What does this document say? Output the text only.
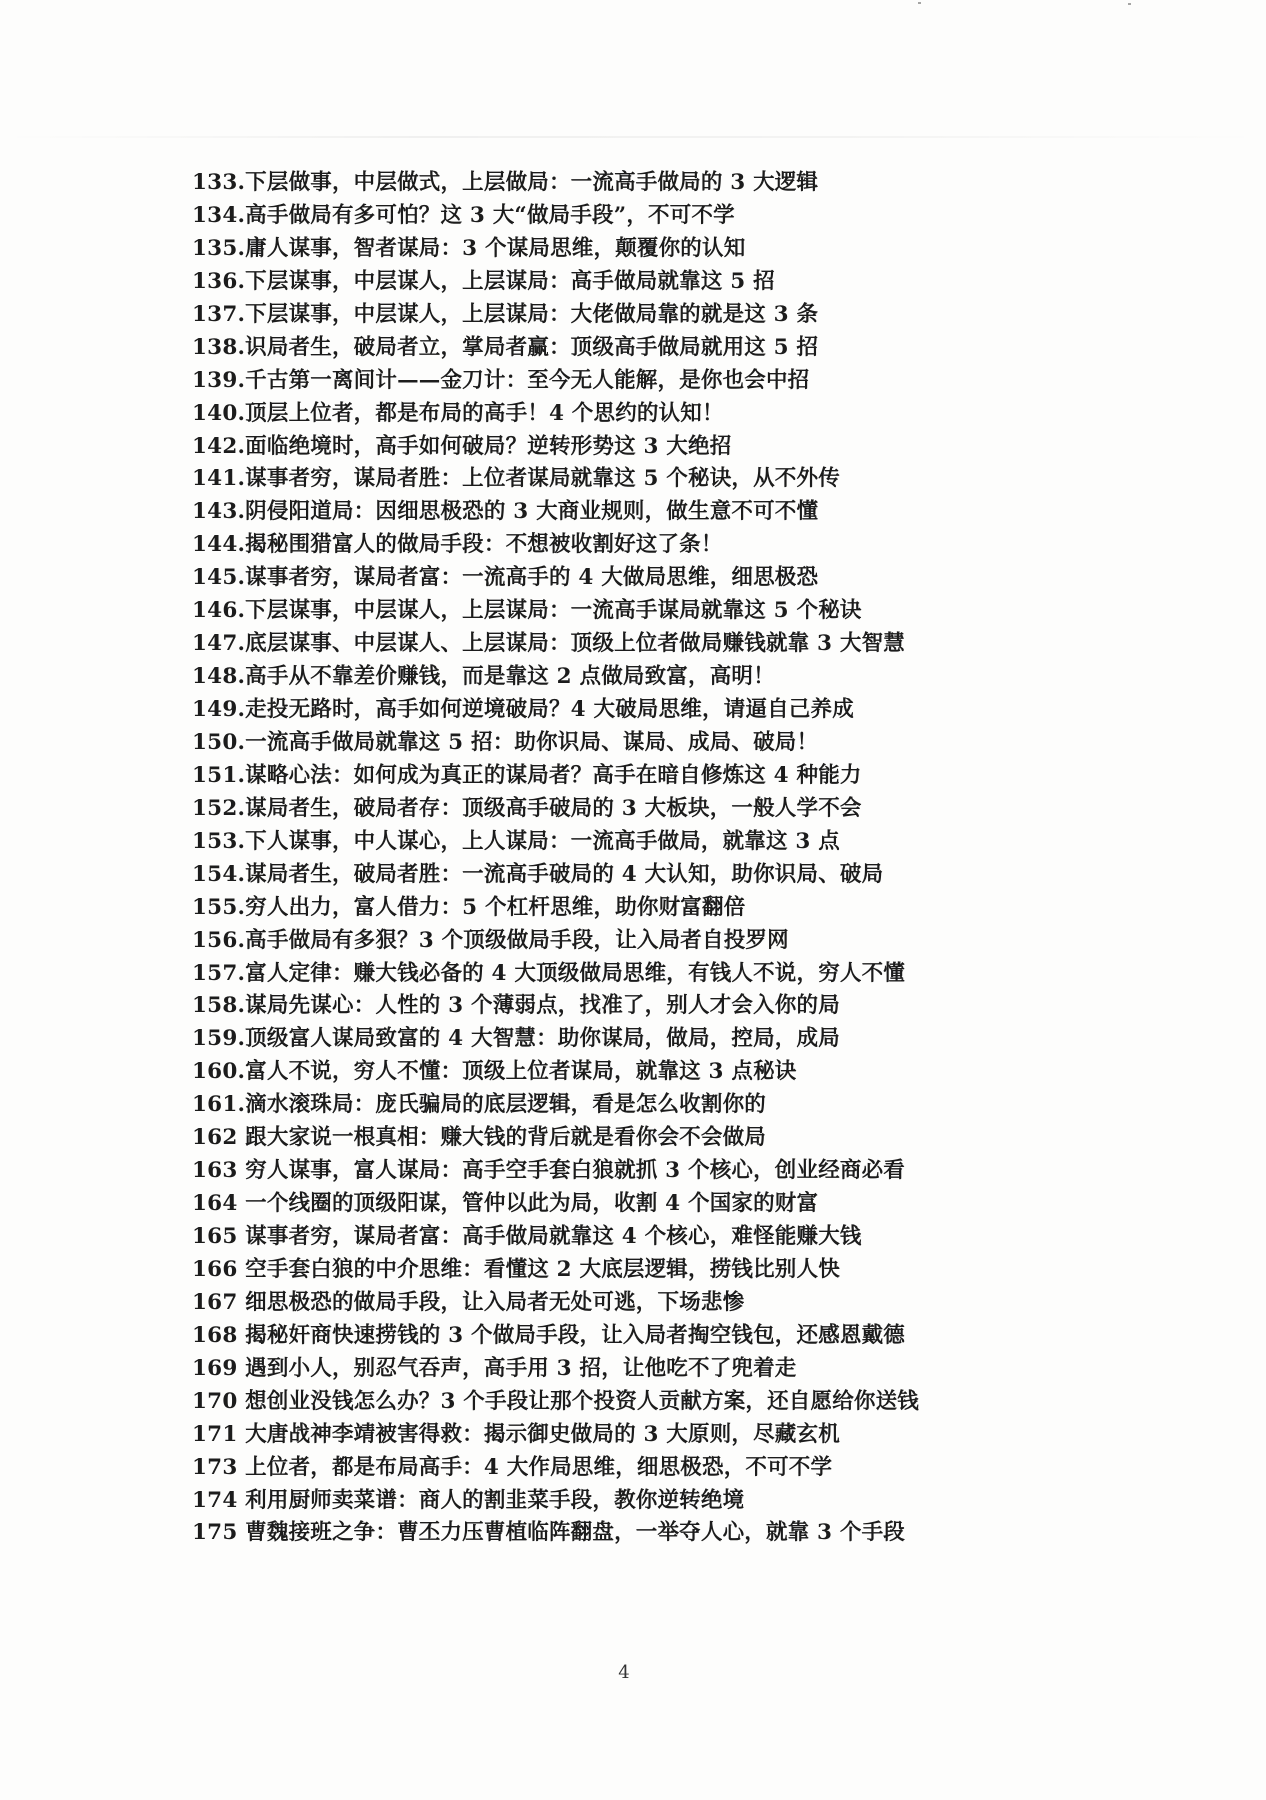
133.下层做事，中层做式，上层做局：一流高手做局的 3 大逻辑
134.高手做局有多可怕？这 3 大“做局手段”，不可不学
135.庸人谋事，智者谋局：3 个谋局思维，颠覆你的认知
136.下层谋事，中层谋人，上层谋局：高手做局就靠这 5 招
137.下层谋事，中层谋人，上层谋局：大佬做局靠的就是这 3 条
138.识局者生，破局者立，掌局者赢：顶级高手做局就用这 5 招
139.千古第一离间计——金刀计：至今无人能解，是你也会中招
140.顶层上位者，都是布局的高手！4 个思约的认知！
142.面临绝境时，高手如何破局？逆转形势这 3 大绝招
141.谋事者穷，谋局者胜：上位者谋局就靠这 5 个秘诀，从不外传
143.阴侵阳道局：因细思极恐的 3 大商业规则，做生意不可不懂
144.揭秘围猎富人的做局手段：不想被收割好这了条！
145.谋事者穷，谋局者富：一流高手的 4 大做局思维，细思极恐
146.下层谋事，中层谋人，上层谋局：一流高手谋局就靠这 5 个秘诀
147.底层谋事、中层谋人、上层谋局：顶级上位者做局赚钱就靠 3 大智慧
148.高手从不靠差价赚钱，而是靠这 2 点做局致富，高明！
149.走投无路时，高手如何逆境破局？4 大破局思维，请逼自己养成
150.一流高手做局就靠这 5 招：助你识局、谋局、成局、破局！
151.谋略心法：如何成为真正的谋局者？高手在暗自修炼这 4 种能力
152.谋局者生，破局者存：顶级高手破局的 3 大板块，一般人学不会
153.下人谋事，中人谋心，上人谋局：一流高手做局，就靠这 3 点
154.谋局者生，破局者胜：一流高手破局的 4 大认知，助你识局、破局
155.穷人出力，富人借力：5 个杠杆思维，助你财富翻倍
156.高手做局有多狠？3 个顶级做局手段，让入局者自投罗网
157.富人定律：赚大钱必备的 4 大顶级做局思维，有钱人不说，穷人不懂
158.谋局先谋心：人性的 3 个薄弱点，找准了，别人才会入你的局
159.顶级富人谋局致富的 4 大智慧：助你谋局，做局，控局，成局
160.富人不说，穷人不懂：顶级上位者谋局，就靠这 3 点秘诀
161.滴水滚珠局：庞氏骗局的底层逻辑，看是怎么收割你的
162 跟大家说一根真相：赚大钱的背后就是看你会不会做局
163 穷人谋事，富人谋局：高手空手套白狼就抓 3 个核心，创业经商必看
164 一个线圈的顶级阳谋，管仲以此为局，收割 4 个国家的财富
165 谋事者穷，谋局者富：高手做局就靠这 4 个核心，难怪能赚大钱
166 空手套白狼的中介思维：看懂这 2 大底层逻辑，捞钱比别人快
167 细思极恐的做局手段，让入局者无处可逃，下场悲惨
168 揭秘奸商快速捞钱的 3 个做局手段，让入局者掏空钱包，还感恩戴德
169 遇到小人，别忍气吞声，高手用 3 招，让他吃不了兜着走
170 想创业没钱怎么办？3 个手段让那个投资人贡献方案，还自愿给你送钱
171 大唐战神李靖被害得救：揭示御史做局的 3 大原则，尽藏玄机
173 上位者，都是布局高手：4 大作局思维，细思极恐，不可不学
174 利用厨师卖菜谱：商人的割韭菜手段，教你逆转绝境
175 曹魏接班之争：曹丕力压曹植临阵翻盘，一举夺人心，就靠 3 个手段
4
